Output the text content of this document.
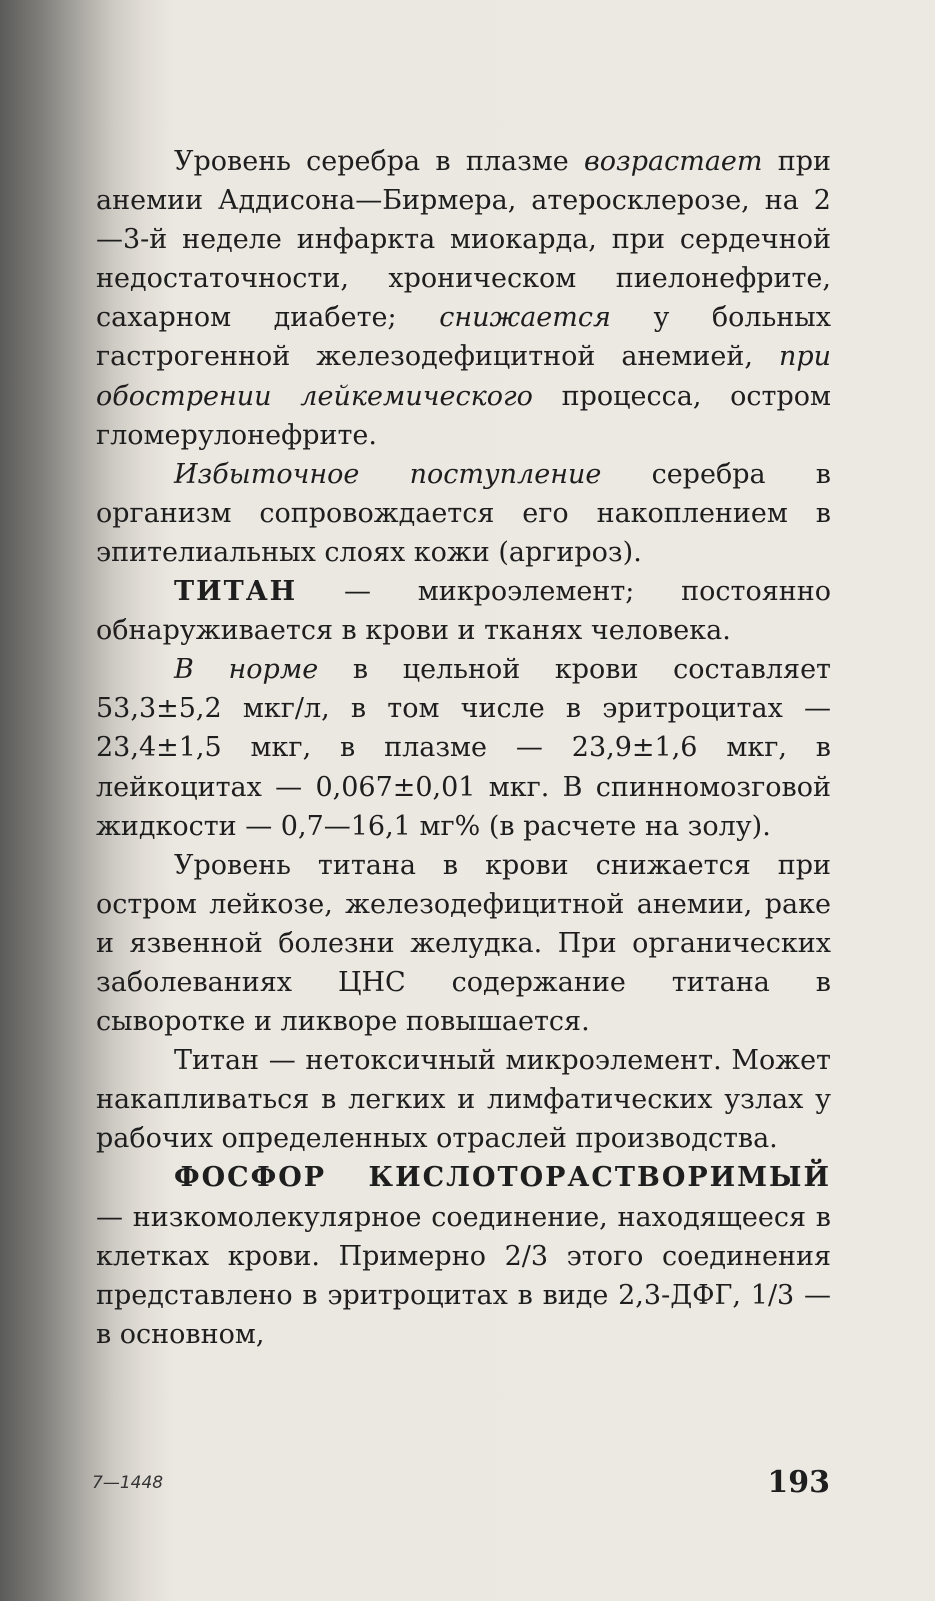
Уровень серебра в плазме возрастает при анемии Аддисона—Бирмера, атеросклерозе, на 2—3-й неделе инфаркта миокарда, при сердечной недостаточности, хроническом пиелонефрите, сахарном диабете; снижается у больных гастрогенной железодефицитной анемией, при обострении лейкемического процесса, остром гломерулонефрите.

Избыточное поступление серебра в организм сопровождается его накоплением в эпителиальных слоях кожи (аргироз).

ТИТАН — микроэлемент; постоянно обнаруживается в крови и тканях человека.

В норме в цельной крови составляет 53,3±5,2 мкг/л, в том числе в эритроцитах — 23,4±1,5 мкг, в плазме — 23,9±1,6 мкг, в лейкоцитах — 0,067±0,01 мкг. В спинномозговой жидкости — 0,7—16,1 мг% (в расчете на золу).

Уровень титана в крови снижается при остром лейкозе, железодефицитной анемии, раке и язвенной болезни желудка. При органических заболеваниях ЦНС содержание титана в сыворотке и ликворе повышается.

Титан — нетоксичный микроэлемент. Может накапливаться в легких и лимфатических узлах у рабочих определенных отраслей производства.

ФОСФОР КИСЛОТОРАСТВОРИМЫЙ — низкомолекулярное соединение, находящееся в клетках крови. Примерно 2/3 этого соединения представлено в эритроцитах в виде 2,3-ДФГ, 1/3 — в основном,

7—1448	193
